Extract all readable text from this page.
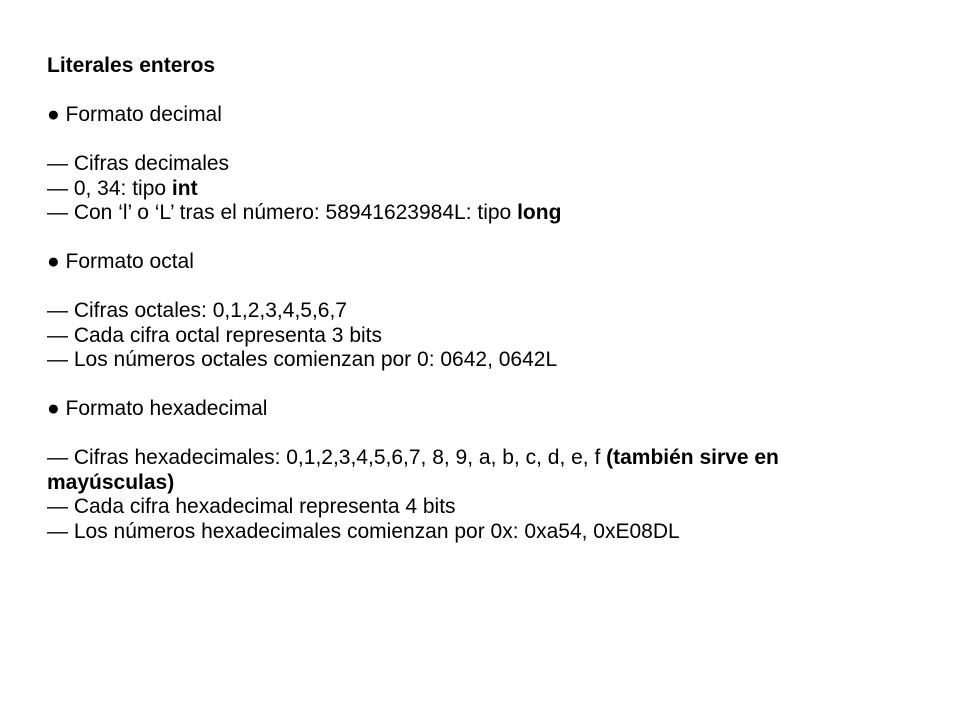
Literales enteros
● Formato decimal
— Cifras decimales
— 0, 34: tipo int
— Con ‘l’ o ‘L’ tras el número: 58941623984L: tipo long
● Formato octal
— Cifras octales: 0,1,2,3,4,5,6,7
— Cada cifra octal representa 3 bits
— Los números octales comienzan por 0: 0642, 0642L
● Formato hexadecimal
— Cifras hexadecimales: 0,1,2,3,4,5,6,7, 8, 9, a, b, c, d, e, f (también sirve en
mayúsculas)
— Cada cifra hexadecimal representa 4 bits
— Los números hexadecimales comienzan por 0x: 0xa54, 0xE08DL
